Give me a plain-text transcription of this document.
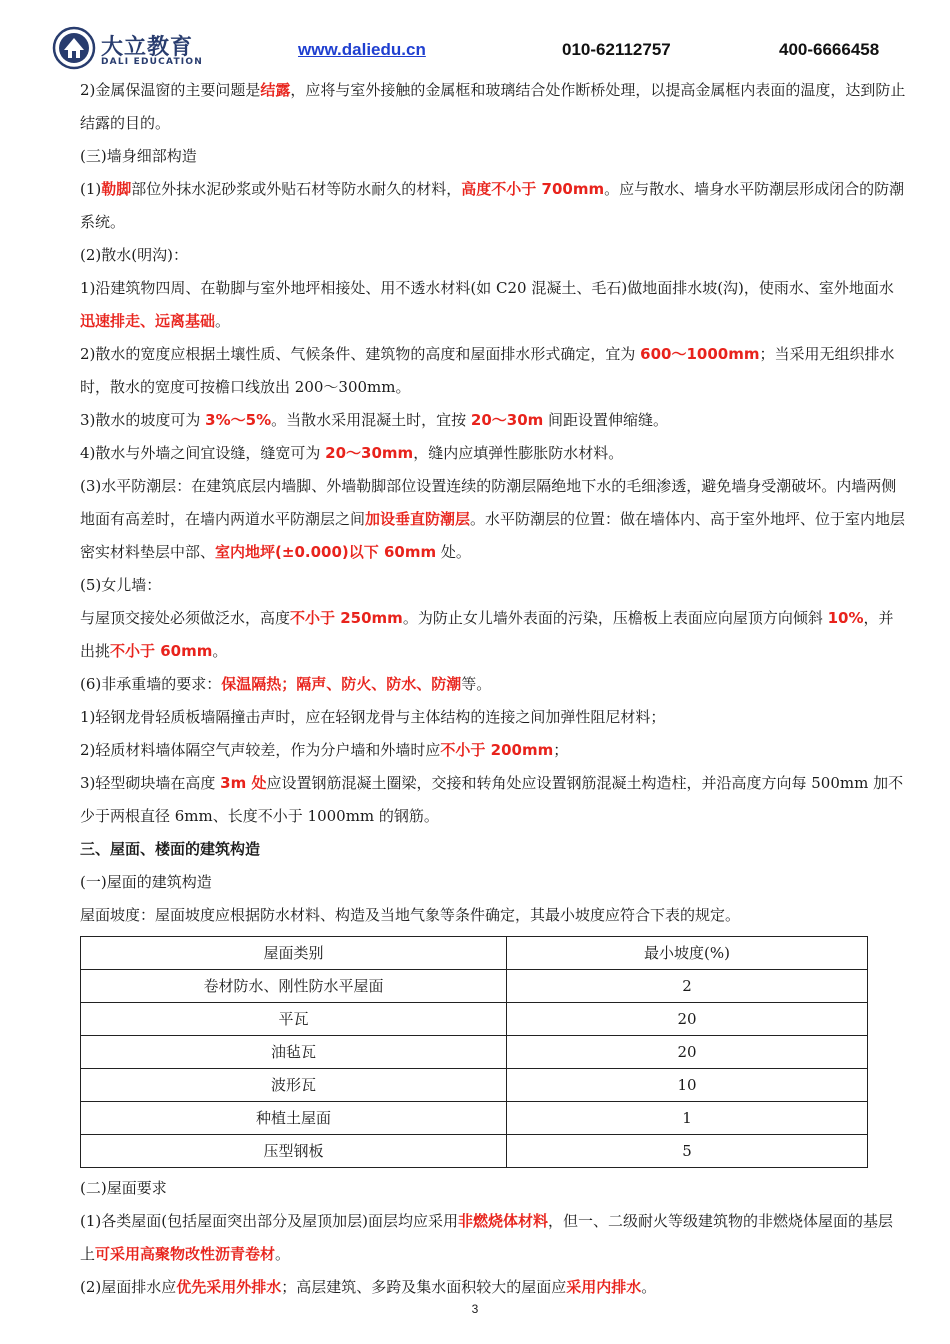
大立教育
DALI EDUCATION
www.daliedu.cn	010-62112757	400-6666458

2)金属保温窗的主要问题是结露，应将与室外接触的金属框和玻璃结合处作断桥处理，以提高金属框内表面的温度，达到防止结露的目的。

(三)墙身细部构造

(1)勒脚部位外抹水泥砂浆或外贴石材等防水耐久的材料，高度不小于 700mm。应与散水、墙身水平防潮层形成闭合的防潮系统。

(2)散水(明沟)：

1)沿建筑物四周、在勒脚与室外地坪相接处、用不透水材料(如 C20 混凝土、毛石)做地面排水坡(沟)，使雨水、室外地面水迅速排走、远离基础。

2)散水的宽度应根据土壤性质、气候条件、建筑物的高度和屋面排水形式确定，宜为 600～1000mm；当采用无组织排水时，散水的宽度可按檐口线放出 200～300mm。

3)散水的坡度可为 3%～5%。当散水采用混凝土时，宜按 20～30m 间距设置伸缩缝。

4)散水与外墙之间宜设缝，缝宽可为 20～30mm，缝内应填弹性膨胀防水材料。

(3)水平防潮层：在建筑底层内墙脚、外墙勒脚部位设置连续的防潮层隔绝地下水的毛细渗透，避免墙身受潮破坏。内墙两侧地面有高差时，在墙内两道水平防潮层之间加设垂直防潮层。水平防潮层的位置：做在墙体内、高于室外地坪、位于室内地层密实材料垫层中部、室内地坪(±0.000)以下 60mm 处。

(5)女儿墙：

与屋顶交接处必须做泛水，高度不小于 250mm。为防止女儿墙外表面的污染，压檐板上表面应向屋顶方向倾斜 10%，并出挑不小于 60mm。

(6)非承重墙的要求：保温隔热；隔声、防火、防水、防潮等。

1)轻钢龙骨轻质板墙隔撞击声时，应在轻钢龙骨与主体结构的连接之间加弹性阻尼材料；

2)轻质材料墙体隔空气声较差，作为分户墙和外墙时应不小于 200mm；

3)轻型砌块墙在高度 3m 处应设置钢筋混凝土圈梁，交接和转角处应设置钢筋混凝土构造柱，并沿高度方向每 500mm 加不少于两根直径 6mm、长度不小于 1000mm 的钢筋。

三、屋面、楼面的建筑构造

(一)屋面的建筑构造

屋面坡度：屋面坡度应根据防水材料、构造及当地气象等条件确定，其最小坡度应符合下表的规定。

屋面类别	最小坡度(%)
卷材防水、刚性防水平屋面	2
平瓦	20
油毡瓦	20
波形瓦	10
种植土屋面	1
压型钢板	5

(二)屋面要求

(1)各类屋面(包括屋面突出部分及屋顶加层)面层均应采用非燃烧体材料，但一、二级耐火等级建筑物的非燃烧体屋面的基层上可采用高聚物改性沥青卷材。

(2)屋面排水应优先采用外排水；高层建筑、多跨及集水面积较大的屋面应采用内排水。

3
